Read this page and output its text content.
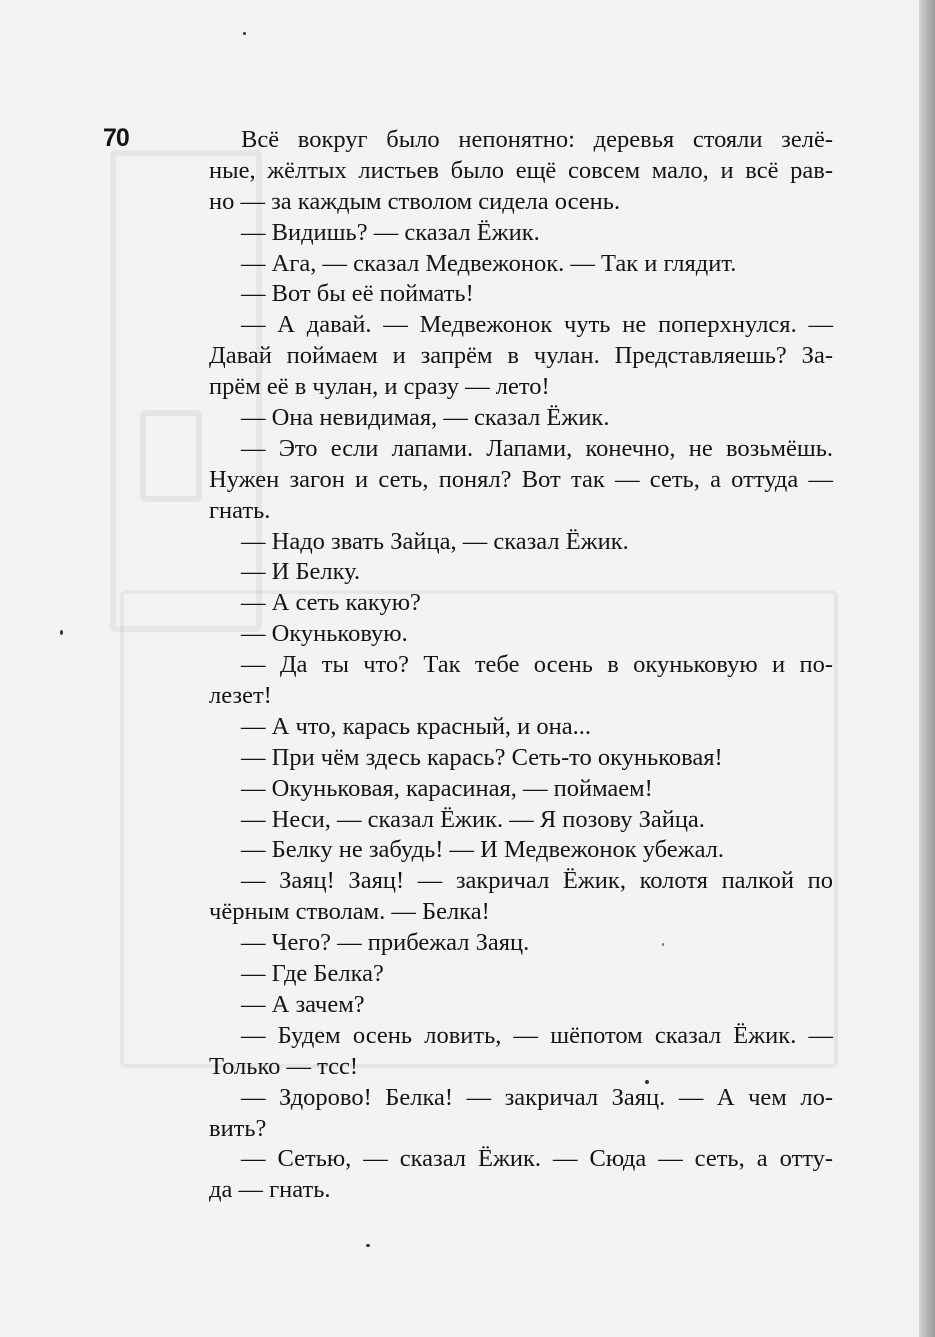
70	Всё вокруг было непонятно: деревья стояли зелё-
ные, жёлтых листьев было ещё совсем мало, и всё рав-
но — за каждым стволом сидела осень.
— Видишь? — сказал Ёжик.
— Ага, — сказал Медвежонок. — Так и глядит.
— Вот бы её поймать!
— А давай. — Медвежонок чуть не поперхнулся. —
Давай поймаем и запрём в чулан. Представляешь? За-
прём её в чулан, и сразу — лето!
— Она невидимая, — сказал Ёжик.
— Это если лапами. Лапами, конечно, не возьмёшь.
Нужен загон и сеть, понял? Вот так — сеть, а оттуда —
гнать.
— Надо звать Зайца, — сказал Ёжик.
— И Белку.
— А сеть какую?
— Окуньковую.
— Да ты что? Так тебе осень в окуньковую и по-
лезет!
— А что, карась красный, и она...
— При чём здесь карась? Сеть-то окуньковая!
— Окуньковая, карасиная, — поймаем!
— Неси, — сказал Ёжик. — Я позову Зайца.
— Белку не забудь! — И Медвежонок убежал.
— Заяц! Заяц! — закричал Ёжик, колотя палкой по
чёрным стволам. — Белка!
— Чего? — прибежал Заяц.
— Где Белка?
— А зачем?
— Будем осень ловить, — шёпотом сказал Ёжик. —
Только — тсс!
— Здорово! Белка! — закричал Заяц. — А чем ло-
вить?
— Сетью, — сказал Ёжик. — Сюда — сеть, а отту-
да — гнать.
